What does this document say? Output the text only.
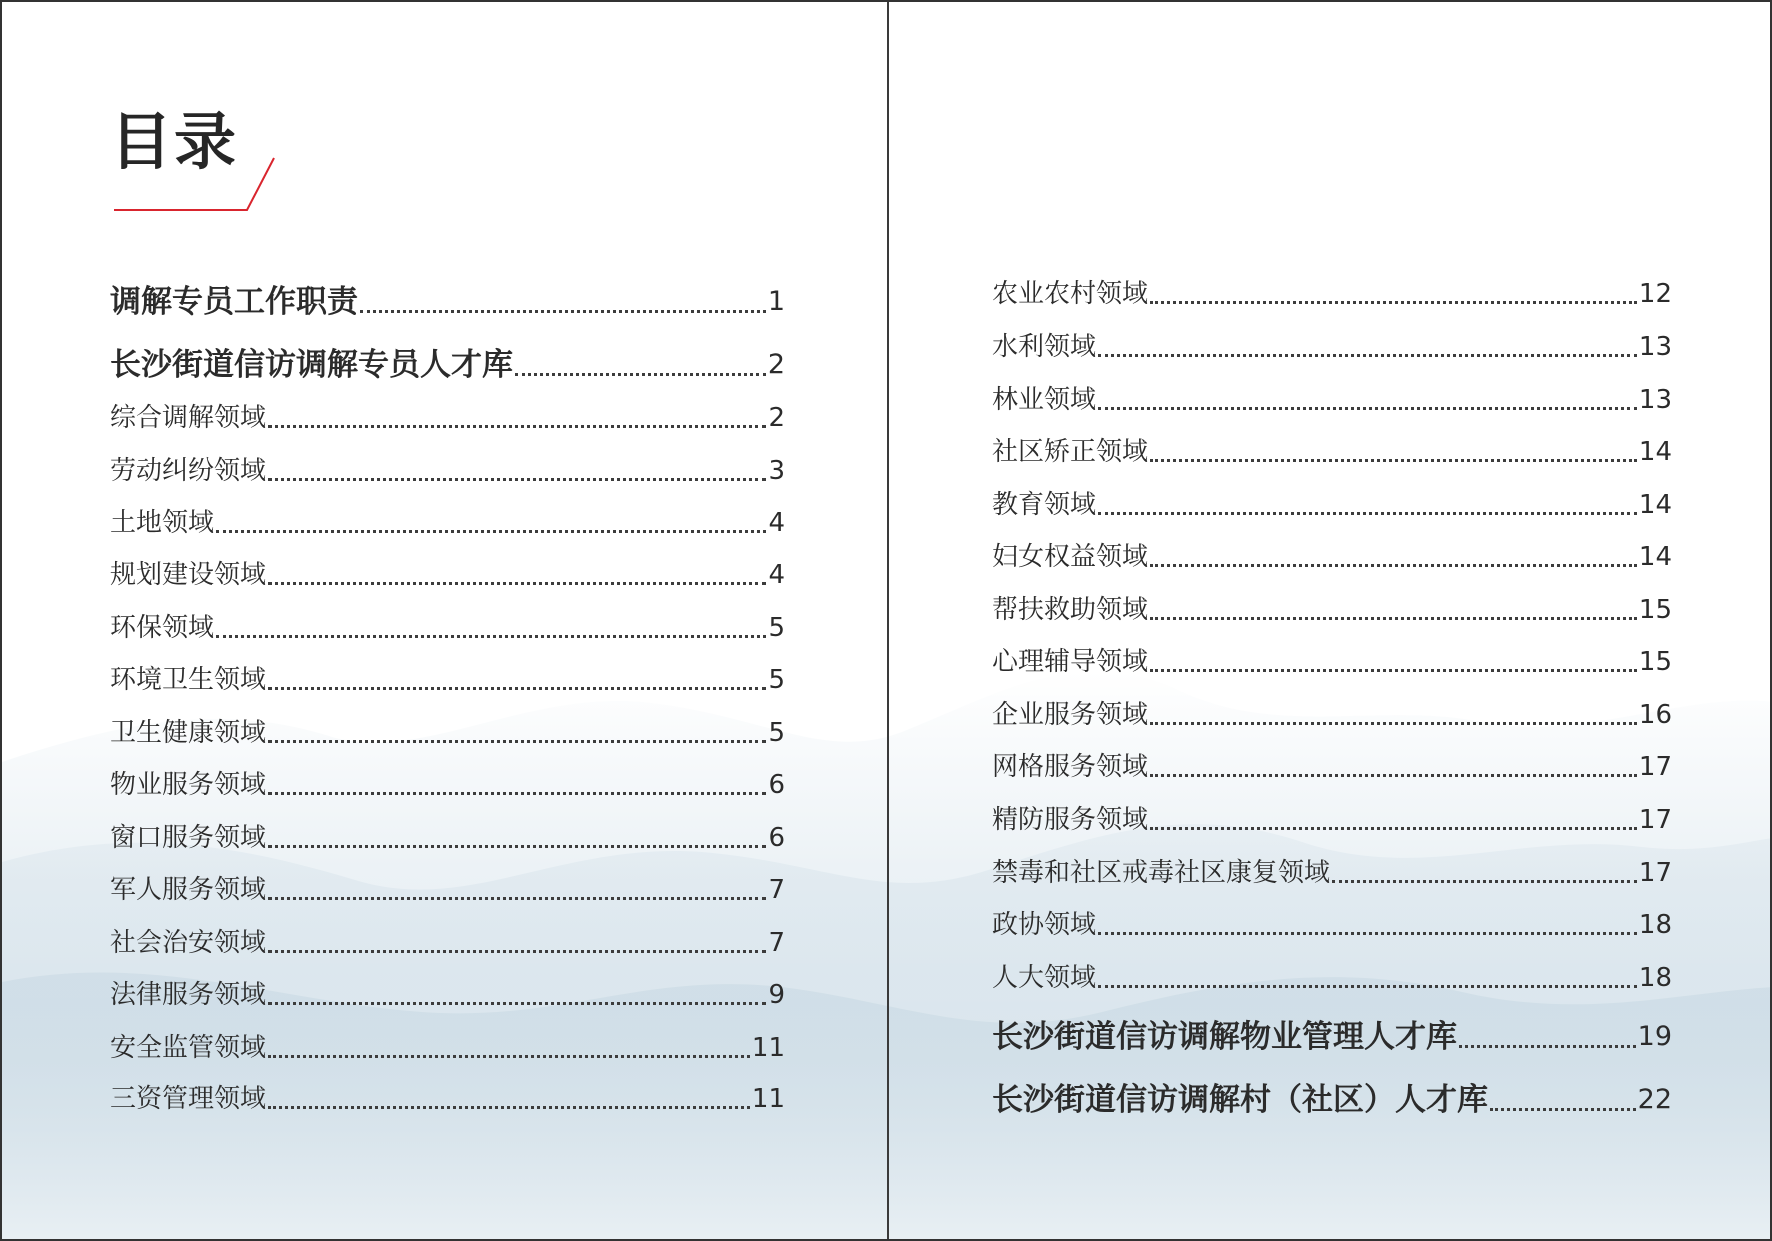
目录
调解专员工作职责	1
长沙街道信访调解专员人才库	2
综合调解领域	2
劳动纠纷领域	3
土地领域	4
规划建设领域	4
环保领域	5
环境卫生领域	5
卫生健康领域	5
物业服务领域	6
窗口服务领域	6
军人服务领域	7
社会治安领域	7
法律服务领域	9
安全监管领域	11
三资管理领域	11
农业农村领域	12
水利领域	13
林业领域	13
社区矫正领域	14
教育领域	14
妇女权益领域	14
帮扶救助领域	15
心理辅导领域	15
企业服务领域	16
网格服务领域	17
精防服务领域	17
禁毒和社区戒毒社区康复领域	17
政协领域	18
人大领域	18
长沙街道信访调解物业管理人才库	19
长沙街道信访调解村（社区）人才库	22
